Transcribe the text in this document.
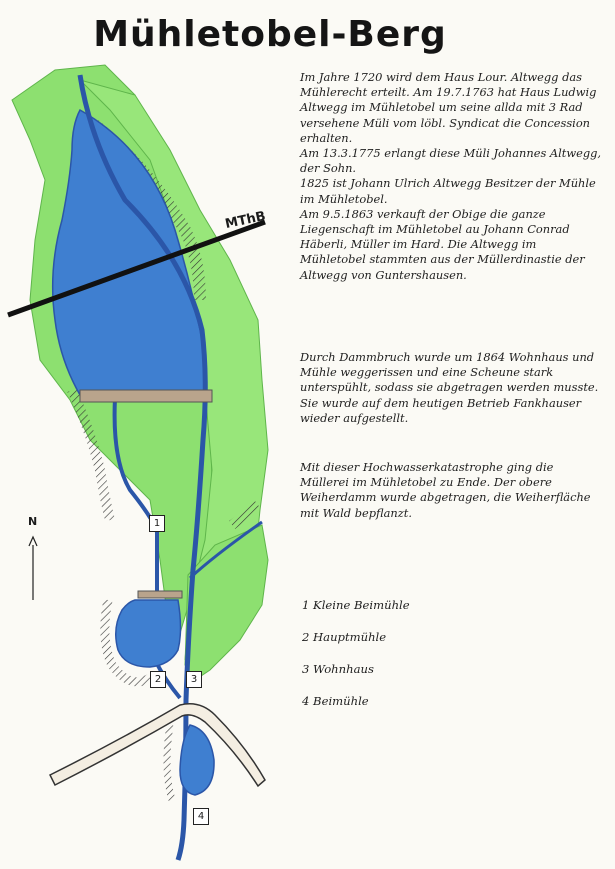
Mühletobel-Berg
MThB
N	1
2	3
4

Im Jahre 1720 wird dem Haus Lour. Altwegg das Mühlerecht erteilt. Am 19.7.1763 hat Haus Ludwig Altwegg im Mühletobel um seine allda mit 3 Rad versehene Müli vom löbl. Syndicat die Concession erhalten.

Am 13.3.1775 erlangt diese Müli Johannes Altwegg, der Sohn.

1825 ist Johann Ulrich Altwegg Besitzer der Mühle im Mühletobel.

Am 9.5.1863 verkauft der Obige die ganze Liegenschaft im Mühletobel au Johann Conrad Häberli, Müller im Hard. Die Altwegg im Mühletobel stammten aus der Müllerdinastie der Altwegg von Guntershausen.

Durch Dammbruch wurde um 1864 Wohnhaus und Mühle weggerissen und eine Scheune stark unterspühlt, sodass sie abgetragen werden musste. Sie wurde auf dem heutigen Betrieb Fankhauser wieder aufgestellt.

Mit dieser Hochwasserkatastrophe ging die Müllerei im Mühletobel zu Ende. Der obere Weiherdamm wurde abgetragen, die Weiherfläche mit Wald bepflanzt.

1 Kleine Beimühle
2 Hauptmühle
3 Wohnhaus
4 Beimühle
